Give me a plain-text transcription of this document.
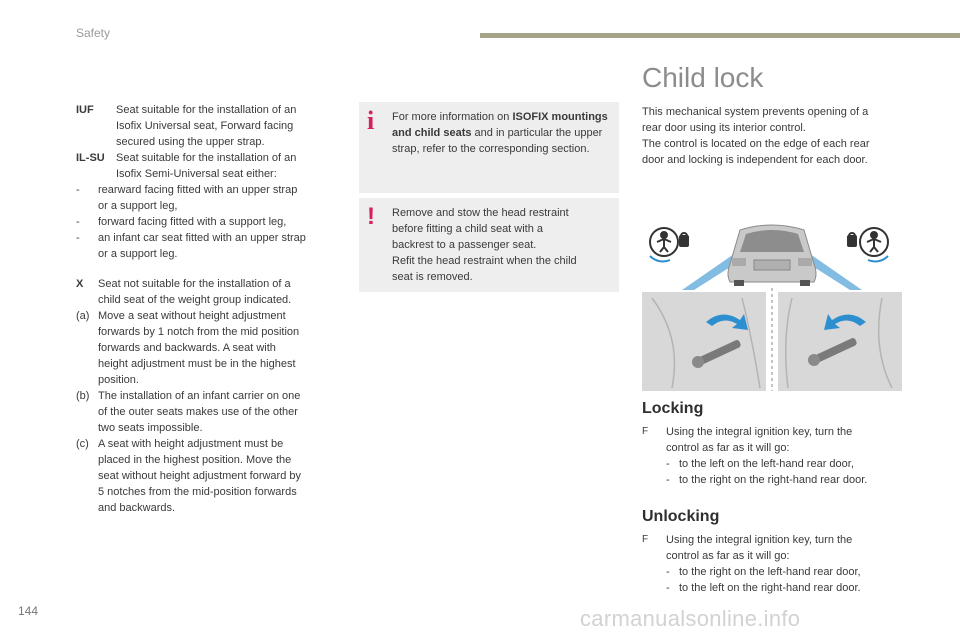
Safety
IUF	Seat suitable for the installation of an
Isofix Universal seat, Forward facing
secured using the upper strap.
IL-SU	Seat suitable for the installation of an
Isofix Semi-Universal seat either:
-	rearward facing fitted with an upper strap
or a support leg,
-	forward facing fitted with a support leg,
-	an infant car seat fitted with an upper strap
or a support leg.
X	Seat not suitable for the installation of a
child seat of the weight group indicated.
(a) Move a seat without height adjustment
forwards by 1 notch from the mid position
forwards and backwards. A seat with
height adjustment must be in the highest
position.
(b) The installation of an infant carrier on one
of the outer seats makes use of the other
two seats impossible.
(c) A seat with height adjustment must be
placed in the highest position. Move the
seat without height adjustment forward by
5 notches from the mid-position forwards
and backwards.
i	For more information on ISOFIX mountings and child seats and in particular the upper strap, refer to the corresponding section.
!	Remove and stow the head restraint
before fitting a child seat with a
backrest to a passenger seat.
Refit the head restraint when the child
seat is removed.
Child lock
This mechanical system prevents opening of a
rear door using its interior control.
The control is located on the edge of each rear
door and locking is independent for each door.
Locking
F	Using the integral ignition key, turn the
control as far as it will go:
- to the left on the left-hand rear door,
- to the right on the right-hand rear door.
Unlocking
F	Using the integral ignition key, turn the
control as far as it will go:
- to the right on the left-hand rear door,
- to the left on the right-hand rear door.
144	carmanualsonline.info
